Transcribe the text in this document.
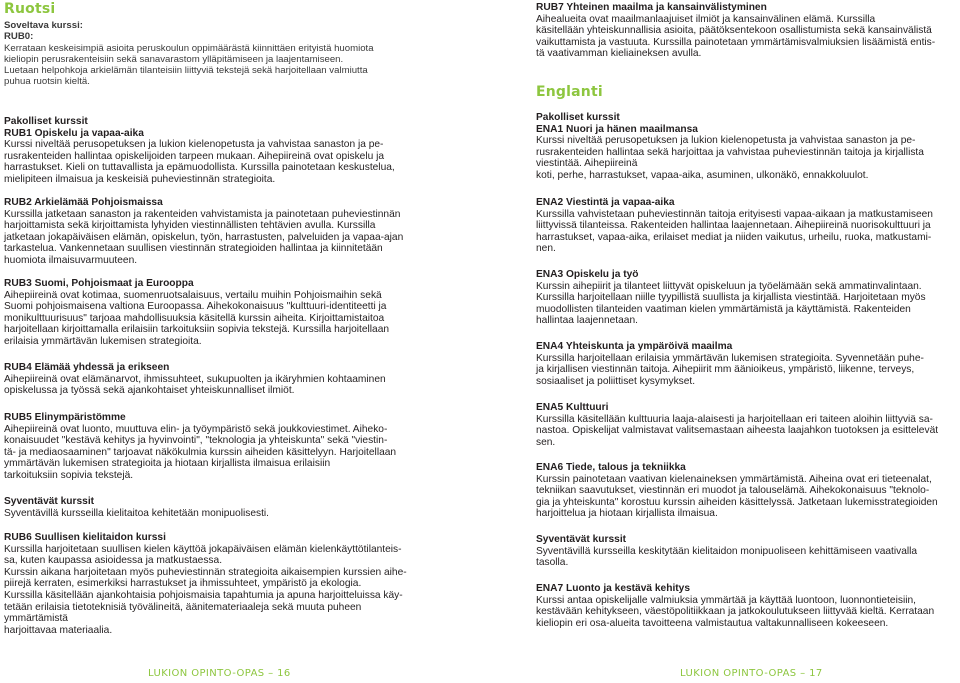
Ruotsi

Soveltava kurssi:

RUB0:

Kerrataan keskeisimpiä asioita peruskoulun oppimäärästä kiinnittäen erityistä huomiota

kieliopin perusrakenteisiin sekä sanavarastom ylläpitämiseen ja laajentamiseen.

Luetaan helpohkoja arkielämän tilanteisiin liittyviä tekstejä sekä harjoitellaan valmiutta

puhua ruotsin kieltä.

Pakolliset kurssit

RUB1 Opiskelu ja vapaa-aika

Kurssi niveltää perusopetuksen ja lukion kielenopetusta ja vahvistaa sanaston ja pe-

rusrakenteiden hallintaa opiskelijoiden tarpeen mukaan. Aihepiireinä ovat opiskelu ja

harrastukset. Kieli on tuttavallista ja epämuodollista. Kurssilla painotetaan keskustelua,

mielipiteen ilmaisua ja keskeisiä puheviestinnän strategioita.

RUB2 Arkielämää Pohjoismaissa

Kurssilla jatketaan sanaston ja rakenteiden vahvistamista ja painotetaan puheviestinnän

harjoittamista sekä kirjoittamista lyhyiden viestinnällisten tehtävien avulla. Kurssilla

jatketaan jokapäiväisen elämän, opiskelun, työn, harrastusten, palveluiden ja vapaa-ajan

tarkastelua. Vankennetaan suullisen viestinnän strategioiden hallintaa ja kiinnitetään

huomiota ilmaisuvarmuuteen.

RUB3 Suomi, Pohjoismaat ja Eurooppa

Aihepiireinä ovat kotimaa, suomenruotsalaisuus, vertailu muihin Pohjoismaihin sekä

Suomi pohjoismaisena valtiona Euroopassa. Aihekokonaisuus "kulttuuri-identiteetti ja

monikulttuurisuus" tarjoaa mahdollisuuksia käsitellä kurssin aiheita. Kirjoittamistaitoa

harjoitellaan kirjoittamalla erilaisiin tarkoituksiin sopivia tekstejä. Kurssilla harjoitellaan

erilaisia ymmärtävän lukemisen strategioita.

RUB4 Elämää yhdessä ja erikseen

Aihepiireinä ovat elämänarvot, ihmissuhteet, sukupuolten ja ikäryhmien kohtaaminen

opiskelussa ja työssä sekä ajankohtaiset yhteiskunnalliset ilmiöt.

RUB5 Elinympäristömme

Aihepiireinä ovat luonto, muuttuva elin- ja työympäristö sekä joukkoviestimet. Aiheko-

konaisuudet "kestävä kehitys ja hyvinvointi", "teknologia ja yhteiskunta" sekä "viestin-

tä- ja mediaosaaminen" tarjoavat näkökulmia kurssin aiheiden käsittelyyn. Harjoitellaan

ymmärtävän lukemisen strategioita ja hiotaan kirjallista ilmaisua erilaisiin

tarkoituksiin sopivia tekstejä.

Syventävät kurssit

Syventävillä kursseilla kielitaitoa kehitetään monipuolisesti.

RUB6 Suullisen kielitaidon kurssi

Kurssilla harjoitetaan suullisen kielen käyttöä jokapäiväisen elämän kielenkäyttötilanteis-

sa, kuten kaupassa asioidessa ja matkustaessa.

Kurssin aikana harjoitetaan myös puheviestinnän strategioita aikaisempien kurssien aihe-

piirejä kerraten, esimerkiksi harrastukset ja ihmissuhteet, ympäristö ja ekologia.

Kurssilla käsitellään ajankohtaisia pohjoismaisia tapahtumia ja apuna harjoitteluissa käy-

tetään erilaisia tietoteknisiä työvälineitä, äänitemateriaaleja sekä muuta puheen ymmärtämistä

harjoittavaa materiaalia.

RUB7 Yhteinen maailma ja kansainvälistyminen

Aihealueita ovat maailmanlaajuiset ilmiöt ja kansainvälinen elämä. Kurssilla

käsitellään yhteiskunnallisia asioita, päätöksentekoon osallistumista sekä kansainvälistä

vaikuttamista ja vastuuta. Kurssilla painotetaan ymmärtämisvalmiuksien lisäämistä entis-

tä vaativamman kieliaineksen avulla.

Englanti

Pakolliset kurssit

ENA1 Nuori ja hänen maailmansa

Kurssi niveltää perusopetuksen ja lukion kielenopetusta ja vahvistaa sanaston ja pe-

rusrakenteiden hallintaa sekä harjoittaa ja vahvistaa puheviestinnän taitoja ja kirjallista

viestintää. Aihepiireinä

koti, perhe, harrastukset, vapaa-aika, asuminen, ulkonäkö, ennakkoluulot.

ENA2 Viestintä ja vapaa-aika

Kurssilla vahvistetaan puheviestinnän taitoja erityisesti vapaa-aikaan ja matkustamiseen

liittyvissä tilanteissa. Rakenteiden hallintaa laajennetaan. Aihepiireinä nuorisokulttuuri ja

harrastukset, vapaa-aika, erilaiset mediat ja niiden vaikutus, urheilu, ruoka, matkustami-

nen.

ENA3 Opiskelu ja työ

Kurssin aihepiirit ja tilanteet liittyvät opiskeluun ja työelämään sekä ammatinvalintaan.

Kurssilla harjoitellaan niille tyypillistä suullista ja kirjallista viestintää. Harjoitetaan myös

muodollisten tilanteiden vaatiman kielen ymmärtämistä ja käyttämistä. Rakenteiden

hallintaa laajennetaan.

ENA4 Yhteiskunta ja ympäröivä maailma

Kurssilla harjoitellaan erilaisia ymmärtävän lukemisen strategioita. Syvennetään puhe-

ja kirjallisen viestinnän taitoja. Aihepiirit mm äänioikeus, ympäristö, liikenne, terveys,

sosiaaliset ja poliittiset kysymykset.

ENA5 Kulttuuri

Kurssilla käsitellään kulttuuria laaja-alaisesti ja harjoitellaan eri taiteen aloihin liittyviä sa-

nastoa. Opiskelijat valmistavat valitsemastaan aiheesta laajahkon tuotoksen ja esittelevät

sen.

ENA6 Tiede, talous ja tekniikka

Kurssin painotetaan vaativan kielenaineksen ymmärtämistä. Aiheina ovat eri tieteenalat,

tekniikan saavutukset, viestinnän eri muodot ja talouselämä. Aihekokonaisuus "teknolo-

gia ja yhteiskunta" korostuu kurssin aiheiden käsittelyssä. Jatketaan lukemisstrategioiden

harjoittelua ja hiotaan kirjallista ilmaisua.

Syventävät kurssit

Syventävillä kursseilla keskitytään kielitaidon monipuoliseen kehittämiseen vaativalla

tasolla.

ENA7 Luonto ja kestävä kehitys

Kurssi antaa opiskelijalle valmiuksia ymmärtää ja käyttää luontoon, luonnontieteisiin,

kestävään kehitykseen, väestöpolitiikkaan ja jatkokoulutukseen liittyvää kieltä. Kerrataan

kieliopin eri osa-alueita tavoitteena valmistautua valtakunnalliseen kokeeseen.

LUKION OPINTO-OPAS – 16	LUKION OPINTO-OPAS – 17
